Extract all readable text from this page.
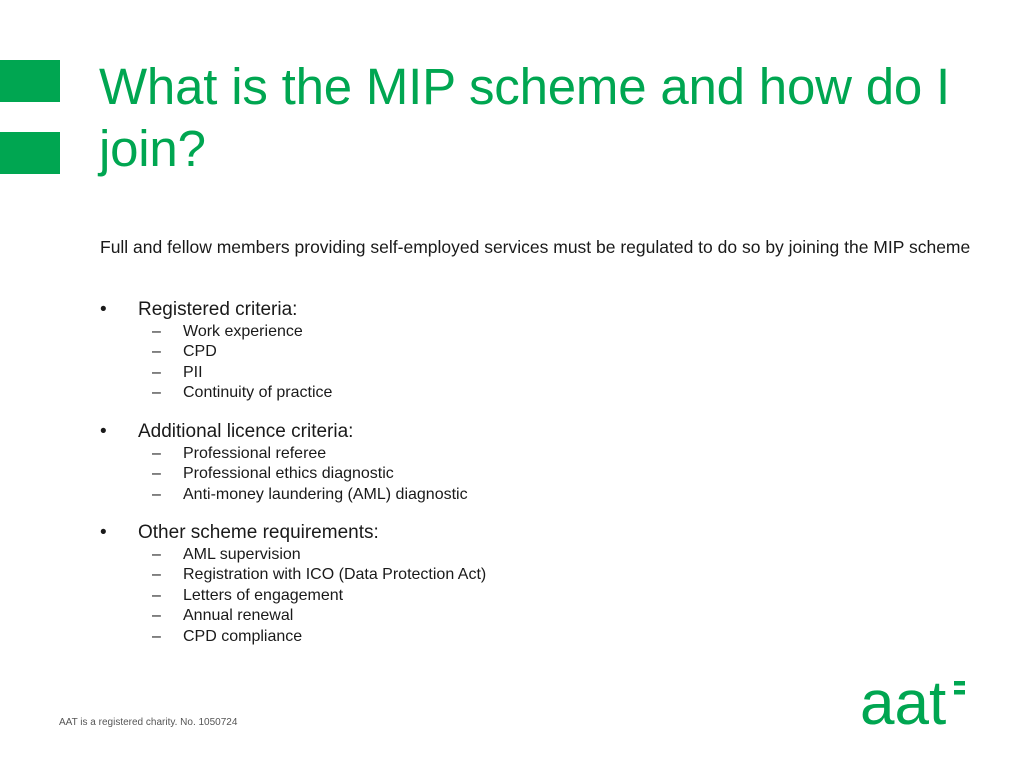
What is the MIP scheme and how do I join?

Full and fellow members providing self-employed services must be regulated to do so by joining the MIP scheme

• Registered criteria:
– Work experience
– CPD
– PII
– Continuity of practice
• Additional licence criteria:
– Professional referee
– Professional ethics diagnostic
– Anti-money laundering (AML) diagnostic
• Other scheme requirements:
– AML supervision
– Registration with ICO (Data Protection Act)
– Letters of engagement
– Annual renewal
– CPD compliance
AAT is a registered charity. No. 1050724	aat
